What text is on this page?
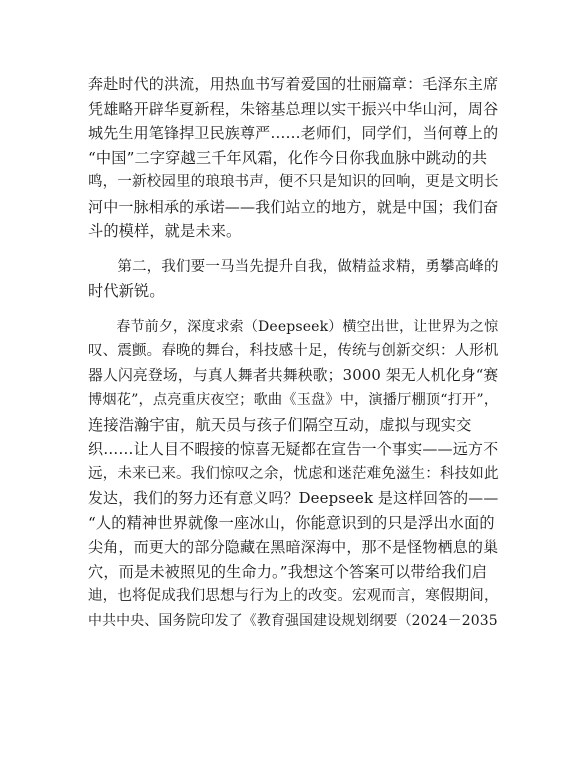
奔赴时代的洪流，用热血书写着爱国的壮丽篇章：毛泽东主席
凭雄略开辟华夏新程，朱镕基总理以实干振兴中华山河，周谷
城先生用笔锋捍卫民族尊严……老师们，同学们，当何尊上的
“中国”二字穿越三千年风霜，化作今日你我血脉中跳动的共
鸣，一新校园里的琅琅书声，便不只是知识的回响，更是文明长
河中一脉相承的承诺——我们站立的地方，就是中国；我们奋
斗的模样，就是未来。
　　第二，我们要一马当先提升自我，做精益求精，勇攀高峰的
时代新锐。
　　春节前夕，深度求索（Deepseek）横空出世，让世界为之惊
叹、震颤。春晚的舞台，科技感十足，传统与创新交织：人形机
器人闪亮登场，与真人舞者共舞秧歌；3000 架无人机化身“赛
博烟花”，点亮重庆夜空；歌曲《玉盘》中，演播厅棚顶“打开”，
连接浩瀚宇宙，航天员与孩子们隔空互动，虚拟与现实交
织……让人目不暇接的惊喜无疑都在宣告一个事实——远方不
远，未来已来。我们惊叹之余，忧虑和迷茫难免滋生：科技如此
发达，我们的努力还有意义吗？Deepseek 是这样回答的——
“人的精神世界就像一座冰山，你能意识到的只是浮出水面的
尖角，而更大的部分隐藏在黑暗深海中，那不是怪物栖息的巢
穴，而是未被照见的生命力。”我想这个答案可以带给我们启
迪，也将促成我们思想与行为上的改变。宏观而言，寒假期间，
中共中央、国务院印发了《教育强国建设规划纲要（2024－2035
